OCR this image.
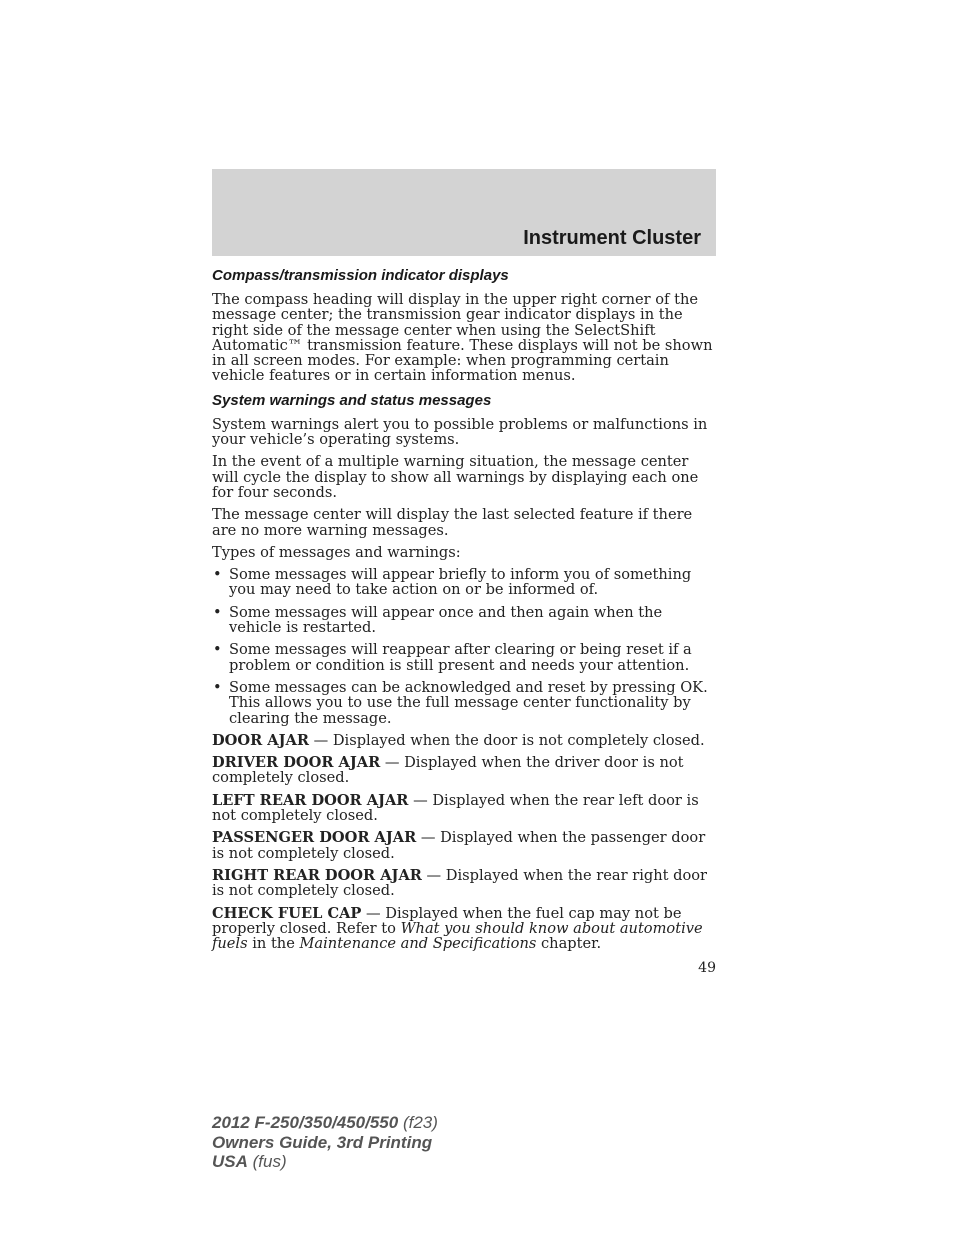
Instrument Cluster
Compass/transmission indicator displays

The compass heading will display in the upper right corner of the message center; the transmission gear indicator displays in the right side of the message center when using the SelectShift Automatic™ transmission feature. These displays will not be shown in all screen modes. For example: when programming certain vehicle features or in certain information menus.

System warnings and status messages

System warnings alert you to possible problems or malfunctions in your vehicle’s operating systems.

In the event of a multiple warning situation, the message center will cycle the display to show all warnings by displaying each one for four seconds.

The message center will display the last selected feature if there are no more warning messages.

Types of messages and warnings:

• Some messages will appear briefly to inform you of something you may need to take action on or be informed of.
• Some messages will appear once and then again when the vehicle is restarted.
• Some messages will reappear after clearing or being reset if a problem or condition is still present and needs your attention.
• Some messages can be acknowledged and reset by pressing OK. This allows you to use the full message center functionality by clearing the message.

DOOR AJAR — Displayed when the door is not completely closed.

DRIVER DOOR AJAR — Displayed when the driver door is not completely closed.

LEFT REAR DOOR AJAR — Displayed when the rear left door is not completely closed.

PASSENGER DOOR AJAR — Displayed when the passenger door is not completely closed.

RIGHT REAR DOOR AJAR — Displayed when the rear right door is not completely closed.

CHECK FUEL CAP — Displayed when the fuel cap may not be properly closed. Refer to What you should know about automotive fuels in the Maintenance and Specifications chapter.

49
2012 F-250/350/450/550 (f23)
Owners Guide, 3rd Printing
USA (fus)
